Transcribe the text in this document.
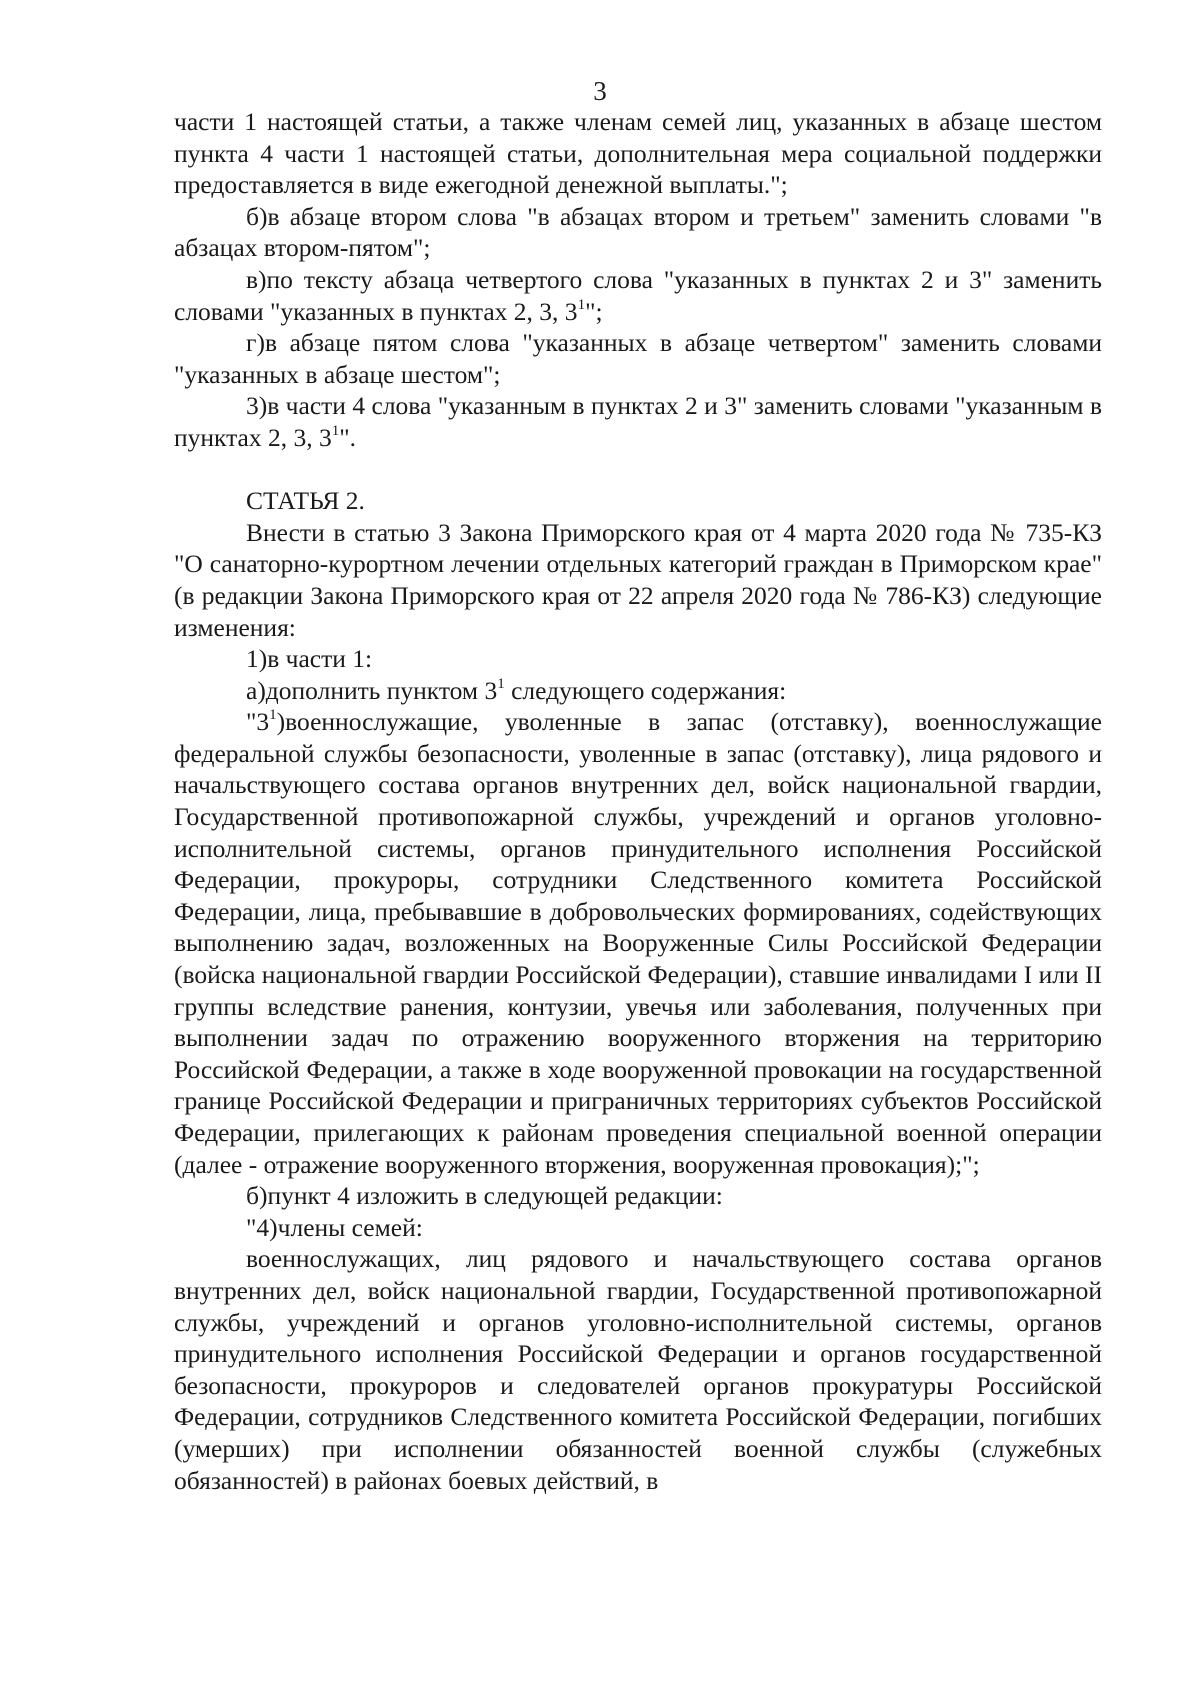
3

части 1 настоящей статьи, а также членам семей лиц, указанных в абзаце шестом пункта 4 части 1 настоящей статьи, дополнительная мера социальной поддержки предоставляется в виде ежегодной денежной выплаты.";

б)в абзаце втором слова "в абзацах втором и третьем" заменить словами "в абзацах втором-пятом";

в)по тексту абзаца четвертого слова "указанных в пунктах 2 и 3" заменить словами "указанных в пунктах 2, 3, $3^1$";

г)в абзаце пятом слова "указанных в абзаце четвертом" заменить словами "указанных в абзаце шестом";

3)в части 4 слова "указанным в пунктах 2 и 3" заменить словами "указанным в пунктах 2, 3, $3^1$".

СТАТЬЯ 2.

Внести в статью 3 Закона Приморского края от 4 марта 2020 года № 735-КЗ "О санаторно-курортном лечении отдельных категорий граждан в Приморском крае" (в редакции Закона Приморского края от 22 апреля 2020 года № 786-КЗ) следующие изменения:

1)в части 1:

а)дополнить пунктом $3^1$ следующего содержания:

"$3^1)военнослужащие$, уволенные в запас (отставку), военнослужащие федеральной службы безопасности, уволенные в запас (отставку), лица рядового и начальствующего состава органов внутренних дел, войск национальной гвардии, Государственной противопожарной службы, учреждений и органов уголовно-исполнительной системы, органов принудительного исполнения Российской Федерации, прокуроры, сотрудники Следственного комитета Российской Федерации, лица, пребывавшие в добровольческих формированиях, содействующих выполнению задач, возложенных на Вооруженные Силы Российской Федерации (войска национальной гвардии Российской Федерации), ставшие инвалидами I или II группы вследствие ранения, контузии, увечья или заболевания, полученных при выполнении задач по отражению вооруженного вторжения на территорию Российской Федерации, а также в ходе вооруженной провокации на государственной границе Российской Федерации и приграничных территориях субъектов Российской Федерации, прилегающих к районам проведения специальной военной операции (далее - отражение вооруженного вторжения, вооруженная провокация);";

б)пункт 4 изложить в следующей редакции:

"4)члены семей:

военнослужащих, лиц рядового и начальствующего состава органов внутренних дел, войск национальной гвардии, Государственной противопожарной службы, учреждений и органов уголовно-исполнительной системы, органов принудительного исполнения Российской Федерации и органов государственной безопасности, прокуроров и следователей органов прокуратуры Российской Федерации, сотрудников Следственного комитета Российской Федерации, погибших (умерших) при исполнении обязанностей военной службы (служебных обязанностей) в районах боевых действий, в
